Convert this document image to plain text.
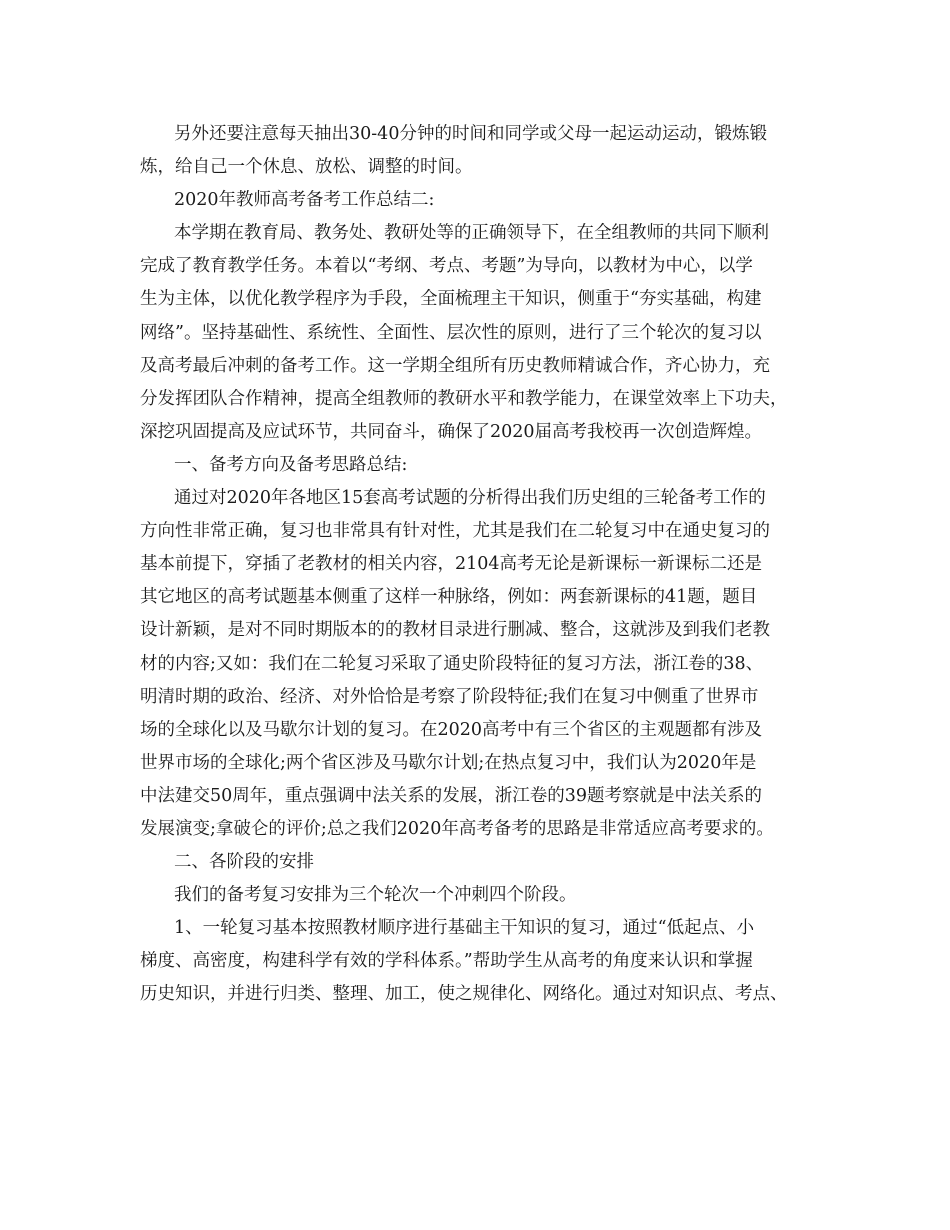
另外还要注意每天抽出30-40分钟的时间和同学或父母一起运动运动，锻炼锻
炼，给自己一个休息、放松、调整的时间。
2020年教师高考备考工作总结二:
本学期在教育局、教务处、教研处等的正确领导下，在全组教师的共同下顺利
完成了教育教学任务。本着以“考纲、考点、考题”为导向，以教材为中心，以学
生为主体，以优化教学程序为手段，全面梳理主干知识，侧重于“夯实基础，构建
网络”。坚持基础性、系统性、全面性、层次性的原则，进行了三个轮次的复习以
及高考最后冲刺的备考工作。这一学期全组所有历史教师精诚合作，齐心协力，充
分发挥团队合作精神，提高全组教师的教研水平和教学能力，在课堂效率上下功夫，
深挖巩固提高及应试环节，共同奋斗，确保了2020届高考我校再一次创造辉煌。
一、备考方向及备考思路总结:
通过对2020年各地区15套高考试题的分析得出我们历史组的三轮备考工作的
方向性非常正确，复习也非常具有针对性，尤其是我们在二轮复习中在通史复习的
基本前提下，穿插了老教材的相关内容，2104高考无论是新课标一新课标二还是
其它地区的高考试题基本侧重了这样一种脉络，例如：两套新课标的41题，题目
设计新颖，是对不同时期版本的的教材目录进行删减、整合，这就涉及到我们老教
材的内容;又如：我们在二轮复习采取了通史阶段特征的复习方法，浙江卷的38、
明清时期的政治、经济、对外恰恰是考察了阶段特征;我们在复习中侧重了世界市
场的全球化以及马歇尔计划的复习。在2020高考中有三个省区的主观题都有涉及
世界市场的全球化;两个省区涉及马歇尔计划;在热点复习中，我们认为2020年是
中法建交50周年，重点强调中法关系的发展，浙江卷的39题考察就是中法关系的
发展演变;拿破仑的评价;总之我们2020年高考备考的思路是非常适应高考要求的。
二、各阶段的安排
我们的备考复习安排为三个轮次一个冲刺四个阶段。
1、一轮复习基本按照教材顺序进行基础主干知识的复习，通过“低起点、小
梯度、高密度，构建科学有效的学科体系。”帮助学生从高考的角度来认识和掌握
历史知识，并进行归类、整理、加工，使之规律化、网络化。通过对知识点、考点、
